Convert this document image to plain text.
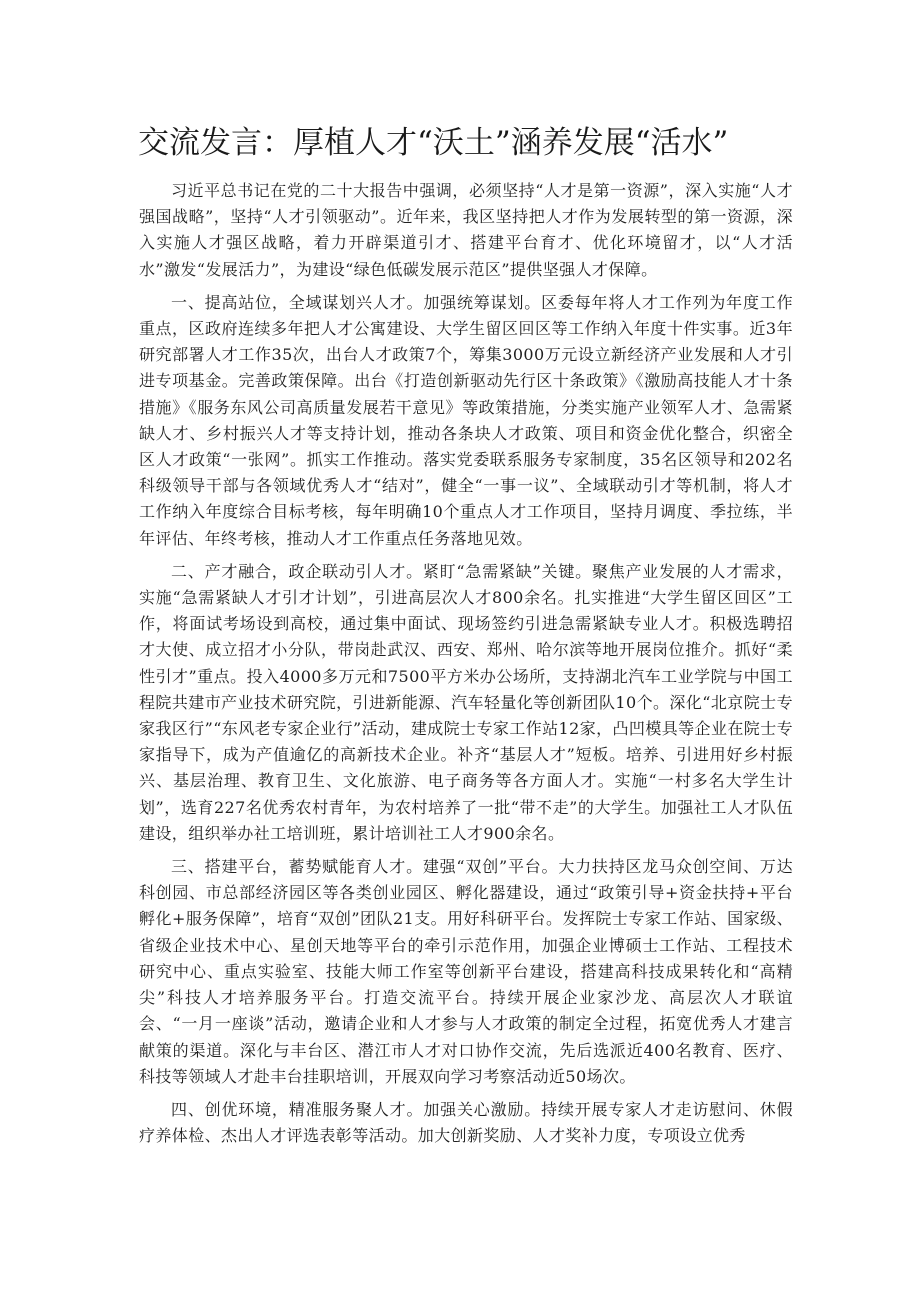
交流发言：厚植人才“沃土”涵养发展“活水”

习近平总书记在党的二十大报告中强调，必须坚持“人才是第一资源”，深入实施“人才强国战略”，坚持“人才引领驱动”。近年来，我区坚持把人才作为发展转型的第一资源，深入实施人才强区战略，着力开辟渠道引才、搭建平台育才、优化环境留才，以“人才活水”激发“发展活力”，为建设“绿色低碳发展示范区”提供坚强人才保障。

一、提高站位，全域谋划兴人才。加强统筹谋划。区委每年将人才工作列为年度工作重点，区政府连续多年把人才公寓建设、大学生留区回区等工作纳入年度十件实事。近3年研究部署人才工作35次，出台人才政策7个，筹集3000万元设立新经济产业发展和人才引进专项基金。完善政策保障。出台《打造创新驱动先行区十条政策》《激励高技能人才十条措施》《服务东风公司高质量发展若干意见》等政策措施，分类实施产业领军人才、急需紧缺人才、乡村振兴人才等支持计划，推动各条块人才政策、项目和资金优化整合，织密全区人才政策“一张网”。抓实工作推动。落实党委联系服务专家制度，35名区领导和202名科级领导干部与各领域优秀人才“结对”，健全“一事一议”、全域联动引才等机制，将人才工作纳入年度综合目标考核，每年明确10个重点人才工作项目，坚持月调度、季拉练，半年评估、年终考核，推动人才工作重点任务落地见效。

二、产才融合，政企联动引人才。紧盯“急需紧缺”关键。聚焦产业发展的人才需求，实施“急需紧缺人才引才计划”，引进高层次人才800余名。扎实推进“大学生留区回区”工作，将面试考场设到高校，通过集中面试、现场签约引进急需紧缺专业人才。积极选聘招才大使、成立招才小分队，带岗赴武汉、西安、郑州、哈尔滨等地开展岗位推介。抓好“柔性引才”重点。投入4000多万元和7500平方米办公场所，支持湖北汽车工业学院与中国工程院共建市产业技术研究院，引进新能源、汽车轻量化等创新团队10个。深化“北京院士专家我区行”“东风老专家企业行”活动，建成院士专家工作站12家，凸凹模具等企业在院士专家指导下，成为产值逾亿的高新技术企业。补齐“基层人才”短板。培养、引进用好乡村振兴、基层治理、教育卫生、文化旅游、电子商务等各方面人才。实施“一村多名大学生计划”，选育227名优秀农村青年，为农村培养了一批“带不走”的大学生。加强社工人才队伍建设，组织举办社工培训班，累计培训社工人才900余名。

三、搭建平台，蓄势赋能育人才。建强“双创”平台。大力扶持区龙马众创空间、万达科创园、市总部经济园区等各类创业园区、孵化器建设，通过“政策引导+资金扶持+平台孵化+服务保障”，培育“双创”团队21支。用好科研平台。发挥院士专家工作站、国家级、省级企业技术中心、星创天地等平台的牵引示范作用，加强企业博硕士工作站、工程技术研究中心、重点实验室、技能大师工作室等创新平台建设，搭建高科技成果转化和“高精尖”科技人才培养服务平台。打造交流平台。持续开展企业家沙龙、高层次人才联谊会、“一月一座谈”活动，邀请企业和人才参与人才政策的制定全过程，拓宽优秀人才建言献策的渠道。深化与丰台区、潜江市人才对口协作交流，先后选派近400名教育、医疗、科技等领域人才赴丰台挂职培训，开展双向学习考察活动近50场次。

四、创优环境，精准服务聚人才。加强关心激励。持续开展专家人才走访慰问、休假疗养体检、杰出人才评选表彰等活动。加大创新奖励、人才奖补力度，专项设立优秀
